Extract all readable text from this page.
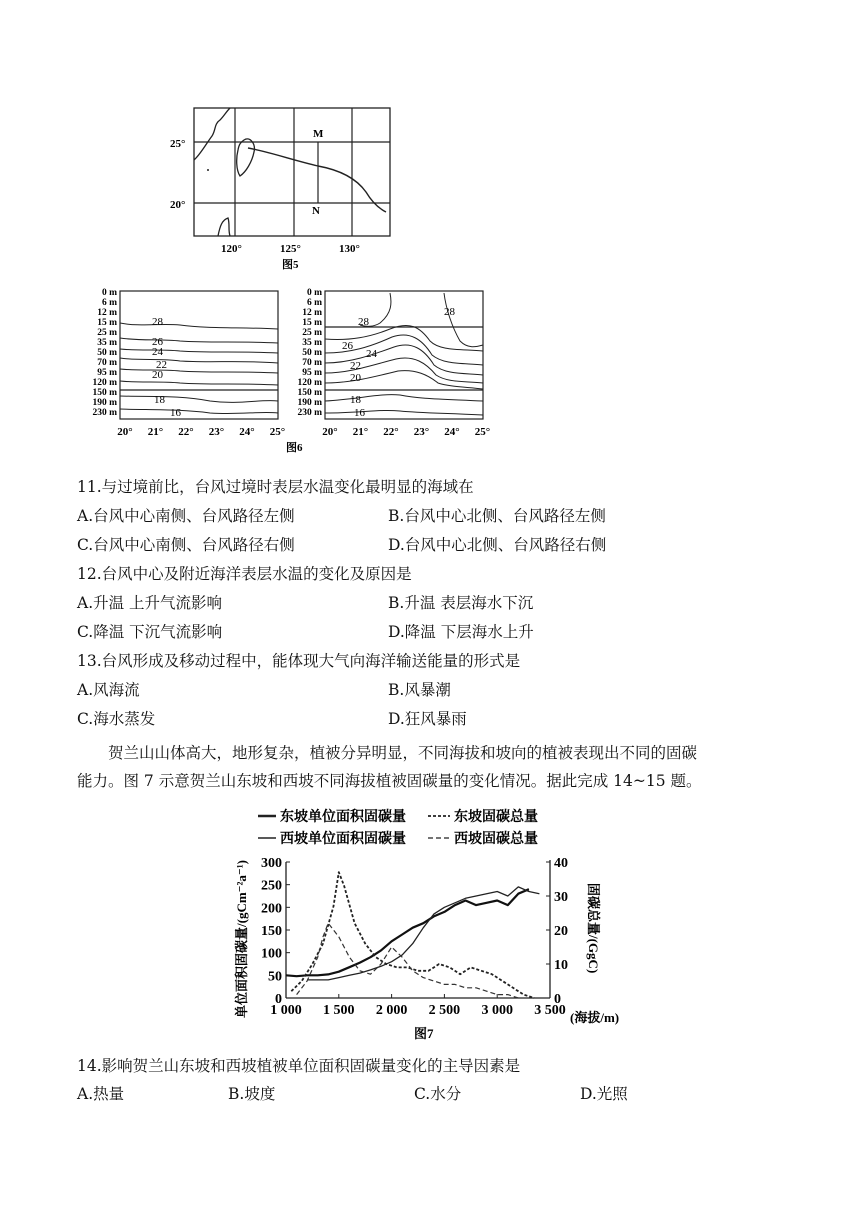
M
N
25°
20°
120°	125°	130°
图5
0 m
6 m
12 m
15 m
25 m
35 m
50 m
70 m
95 m
120 m
150 m
190 m
230 m
0 m
6 m
12 m
15 m
25 m
35 m
50 m
70 m
95 m
120 m
150 m
190 m
230 m
28
26
24
22
20
18
16
28
28
26
24
22
20
18
16
20° 21° 22° 23° 24° 25°	20° 21° 22° 23° 24° 25°
图6
11.与过境前比，台风过境时表层水温变化最明显的海域在
A.台风中心南侧、台风路径左侧	B.台风中心北侧、台风路径左侧
C.台风中心南侧、台风路径右侧	D.台风中心北侧、台风路径右侧
12.台风中心及附近海洋表层水温的变化及原因是
A.升温 上升气流影响	B.升温 表层海水下沉
C.降温 下沉气流影响	D.降温 下层海水上升
13.台风形成及移动过程中，能体现大气向海洋输送能量的形式是
A.风海流	B.风暴潮
C.海水蒸发	D.狂风暴雨
贺兰山山体高大，地形复杂，植被分异明显，不同海拔和坡向的植被表现出不同的固碳
能力。图 7 示意贺兰山东坡和西坡不同海拔植被固碳量的变化情况。据此完成 14~15 题。
东坡单位面积固碳量	东坡固碳总量
西坡单位面积固碳量	西坡固碳总量
单位面积固碳量/(gCm⁻²a⁻¹)	固碳总量/(GgC)
(海拔/m)
图7
1 000 1 500 2 000 2 500 3 000 3 500
0
50
100
150
200
250
300
0
10
20
30
40
14.影响贺兰山东坡和西坡植被单位面积固碳量变化的主导因素是
A.热量	B.坡度	C.水分	D.光照
